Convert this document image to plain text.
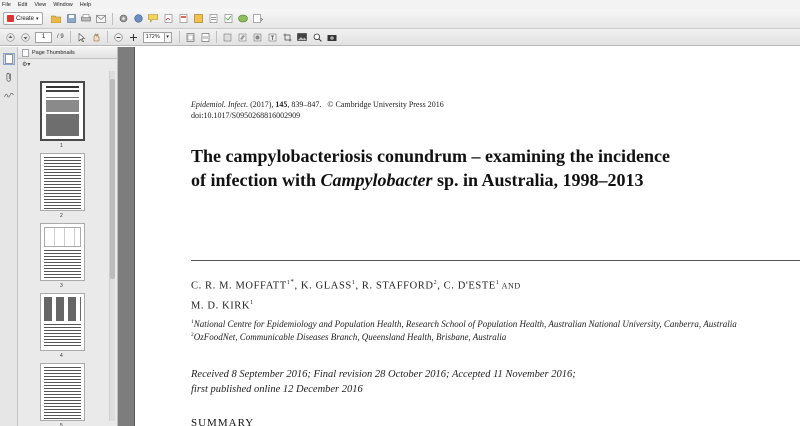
File Edit View Window Help
Create ▾
1	/ 9	172%	▾
Page Thumbnails
⚙▾
1
2
3
4
5
Epidemiol. Infect. (2017), 145, 839–847. © Cambridge University Press 2016
doi:10.1017/S0950268816002909
The campylobacteriosis conundrum – examining the incidence
of infection with Campylobacter sp. in Australia, 1998–2013
C. R. M. $MOFFATT^{1*}$, K. GLASS$^1$, R. STAFFORD$^2$, C. D'ESTE$^1$ AND
M. D. KIRK$^1$
$^1$National Centre for Epidemiology and Population Health, Research School of Population Health, Australian National University, Canberra, Australia
$^2$OzFoodNet, Communicable Diseases Branch, Queensland Health, Brisbane, Australia
Received 8 September 2016; Final revision 28 October 2016; Accepted 11 November 2016;
first published online 12 December 2016
SUMMARY
